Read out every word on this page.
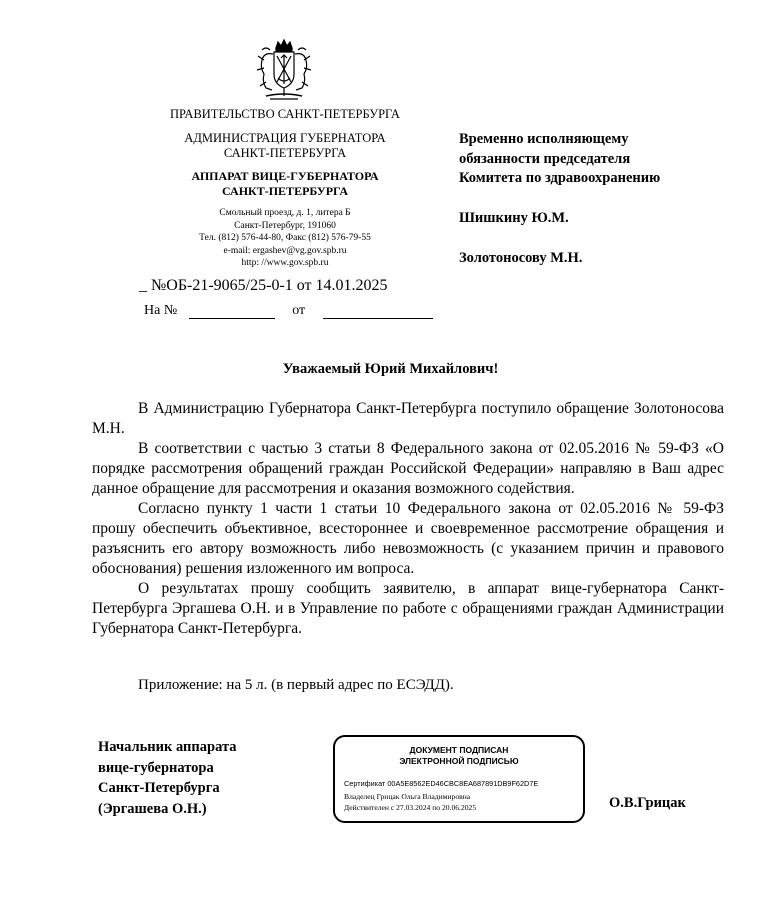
ПРАВИТЕЛЬСТВО САНКТ-ПЕТЕРБУРГА
АДМИНИСТРАЦИЯ ГУБЕРНАТОРА
САНКТ-ПЕТЕРБУРГА
АППАРАТ ВИЦЕ-ГУБЕРНАТОРА
САНКТ-ПЕТЕРБУРГА
Смольный проезд, д. 1, литера Б
Санкт-Петербург, 191060
Тел. (812) 576-44-80, Факс (812) 576-79-55
e-mail: ergashev@vg.gov.spb.ru
http: //www.gov.spb.ru
_ №ОБ-21-9065/25-0-1 от 14.01.2025
На №	от
Временно исполняющему
обязанности председателя
Комитета по здравоохранению
Шишкину Ю.М.
Золотоносову М.Н.
Уважаемый Юрий Михайлович!

В Администрацию Губернатора Санкт-Петербурга поступило обращение Золотоносова М.Н.

В соответствии с частью 3 статьи 8 Федерального закона от 02.05.2016 № 59-ФЗ «О порядке рассмотрения обращений граждан Российской Федерации» направляю в Ваш адрес данное обращение для рассмотрения и оказания возможного содействия.

Согласно пункту 1 части 1 статьи 10 Федерального закона от 02.05.2016 № 59-ФЗ прошу обеспечить объективное, всестороннее и своевременное рассмотрение обращения и разъяснить его автору возможность либо невозможность (с указанием причин и правового обоснования) решения изложенного им вопроса.

О результатах прошу сообщить заявителю, в аппарат вице-губернатора Санкт-Петербурга Эргашева О.Н. и в Управление по работе с обращениями граждан Администрации Губернатора Санкт-Петербурга.

Приложение: на 5 л. (в первый адрес по ЕСЭДД).
Начальник аппарата
вице-губернатора
Санкт-Петербурга
(Эргашева О.Н.)
ДОКУМЕНТ ПОДПИСАН
ЭЛЕКТРОННОЙ ПОДПИСЬЮ
Сертификат 00A5E8562ED46CBC8EA687891DB9F62D7E
Владелец Грицак Ольга Владимировна
Действителен с 27.03.2024 по 20.06.2025	О.В.Грицак
